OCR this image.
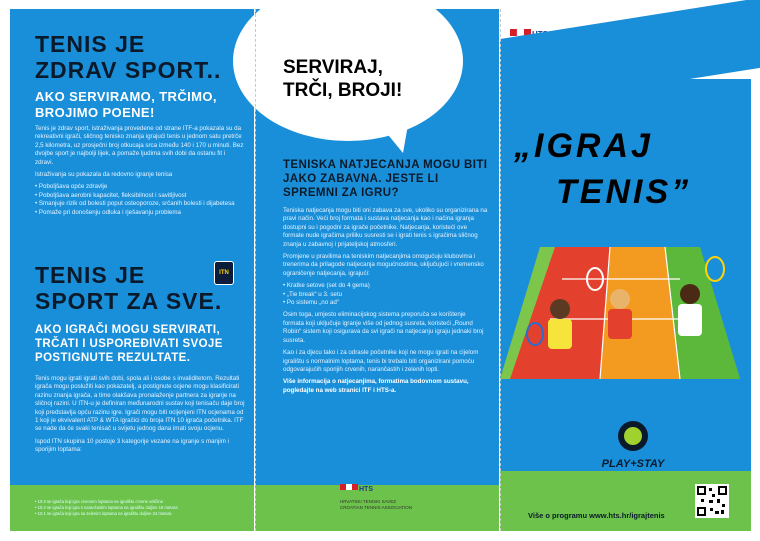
TENIS JE
ZDRAV SPORT..
AKO SERVIRAMO, TRČIMO, BROJIMO POENE!

Tenis je zdrav sport, istraživanja provedene od strane ITF-a pokazala su da rekreativni igrači, sličnog tenisko znanja igrajući tenis u jednom satu pretrče 2,5 kilometra, uz prosječni broj otkucaja srca između 140 i 170 u minuti. Bez dvojbe sport je najbolji lijek, a pomaže ljudima svih dobi da ostanu fit i zdravi.

Istraživanja su pokazala da redovno igranje tenisa

• Poboljšava opće zdravlje
• Poboljšava aerobni kapacitet, fleksibilnost i savitljivost
• Smanjuje rizik od bolesti poput osteoporoze, srčanih bolesti i dijabetesa
• Pomaže pri donošenju odluka i rješavanju problema
TENIS JE
SPORT ZA SVE.
ITN
AKO IGRAČI MOGU SERVIRATI, TRČATI I USPOREĐIVATI SVOJE POSTIGNUTE REZULTATE.

Tenis mogu igrati igrati svih dobi, spola ali i osobe s invaliditetom. Rezultati igrača mogu poslužiti kao pokazatelj, a postignute ocjene mogu klasificirati razinu znanja igrača, a time olakšava pronalaženje partnera za igranje na sličnoj razini. U ITN-u je definiran međunarodni sustav koji tenisaču daje broj koji predstavlja opću razinu igre. Igrači mogu biti ocijenjeni ITN ocjenama od 1 koji je ekvivalent ATP & WTA igračici do broja ITN 10 igrača početnika. ITF se nade da će svaki tenisač u svijetu jednog dana imati svoju ocjenu.

Ispod ITN skupina 10 postoje 3 kategorije vezane na igranje s manjim i sporijim loptama:

• 10.3 se igrača koji igra crvenom loptama na igralištu crvene veličine
• 10.2 se igrača koji igra s narančastim loptama na igralištu duljine 18 metara
• 10.1 se igrača koji igra sa zelenim loptama na igralištu duljine 24 metara
SERVIRAJ,
TRČI, BROJI!
TENISKA NATJECANJA MOGU BITI JAKO ZABAVNA. JESTE LI SPREMNI ZA IGRU?

Teniska natjecanja mogu biti oni zabava za sve, ukoliko su organizirana na pravi način. Veći broj formata i sustava natjecanja kao i načina igranja dostupni su i pogodni za igrače početnike. Natjecanja, koristeći ove formate nude igračima priliku susresti se i igrati tenis s igračima sličnog znanja u zabavnoj i prijateljskoj atmosferi.

Promjene u pravilima na teniskim natjecanjima omogućuju klubovima i trenerima da prilagode natjecanja mogućnostima, uključujući i vremensko ograničenje natjecanja, igrajući:

• Kratke setove (set do 4 gema)
• „Tie break“ u 3. setu
• Po sistemu „no ad“

Osim toga, umjesto eliminacijskog sistema preporuča se korištenje formata koji uključuje igranje više od jednog susreta, koristeći „Round Robin“ sistem koji osigurava da svi igrači na natjecanju igraju jednaki broj susreta.

Kao i za djecu tako i za odrasle početnike koji ne mogu igrati na cijelom igralištu s normalnim loptama, tenis bi trebalo biti organizirani pomoću odgovarajućih sporijih crvenih, narančastih i zelenih lopti.

Više informacija o natjecanjima, formatima bodovnom sustavu, pogledajte na web stranici ITF i HTS-a.

HTS
HRVATSKI TENISKI SAVEZ
CROATIAN TENNIS ASSOCIATION
„IGRAJ
TENIS”
PLAY+STAY
Više o programu www.hts.hr/igrajtenis
